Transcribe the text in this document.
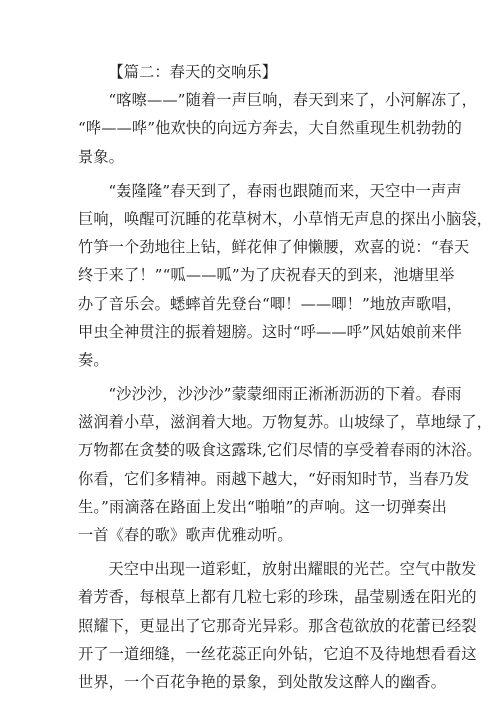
【篇二：春天的交响乐】
“喀嚓——”随着一声巨响，春天到来了，小河解冻了，
“哗——哗”他欢快的向远方奔去，大自然重现生机勃勃的
景象。
“轰隆隆”春天到了，春雨也跟随而来，天空中一声声
巨响，唤醒可沉睡的花草树木，小草悄无声息的探出小脑袋，
竹笋一个劲地往上钻，鲜花伸了伸懒腰，欢喜的说：“春天
终于来了！”“呱——呱”为了庆祝春天的到来，池塘里举
办了音乐会。蟋蟀首先登台“唧！——唧！”地放声歌唱，
甲虫全神贯注的振着翅膀。这时“呼——呼”风姑娘前来伴
奏。
“沙沙沙，沙沙沙”蒙蒙细雨正淅淅沥沥的下着。春雨
滋润着小草，滋润着大地。万物复苏。山坡绿了，草地绿了，
万物都在贪婪的吸食这露珠,它们尽情的享受着春雨的沐浴。
你看，它们多精神。雨越下越大，“好雨知时节，当春乃发
生。”雨滴落在路面上发出“啪啪”的声响。这一切弹奏出
一首《春的歌》歌声优雅动听。
天空中出现一道彩虹，放射出耀眼的光芒。空气中散发
着芳香，每根草上都有几粒七彩的珍珠，晶莹剔透在阳光的
照耀下，更显出了它那奇光异彩。那含苞欲放的花蕾已经裂
开了一道细缝，一丝花蕊正向外钻，它迫不及待地想看看这
世界，一个百花争艳的景象，到处散发这醉人的幽香。
